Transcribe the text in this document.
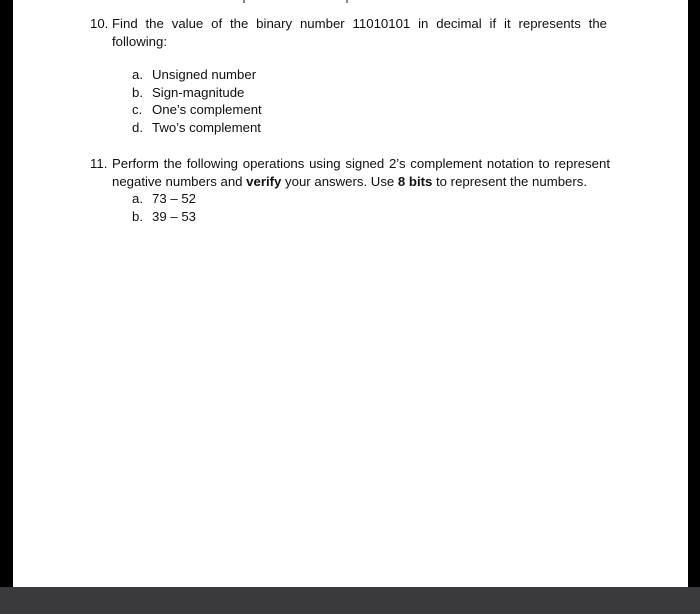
10. Find the value of the binary number 11010101 in decimal if it represents the
following:
a. Unsigned number
b. Sign-magnitude
c. One’s complement
d. Two’s complement
11. Perform the following operations using signed 2’s complement notation to represent
negative numbers and verify your answers. Use 8 bits to represent the numbers.
a. 73 – 52
b. 39 – 53
